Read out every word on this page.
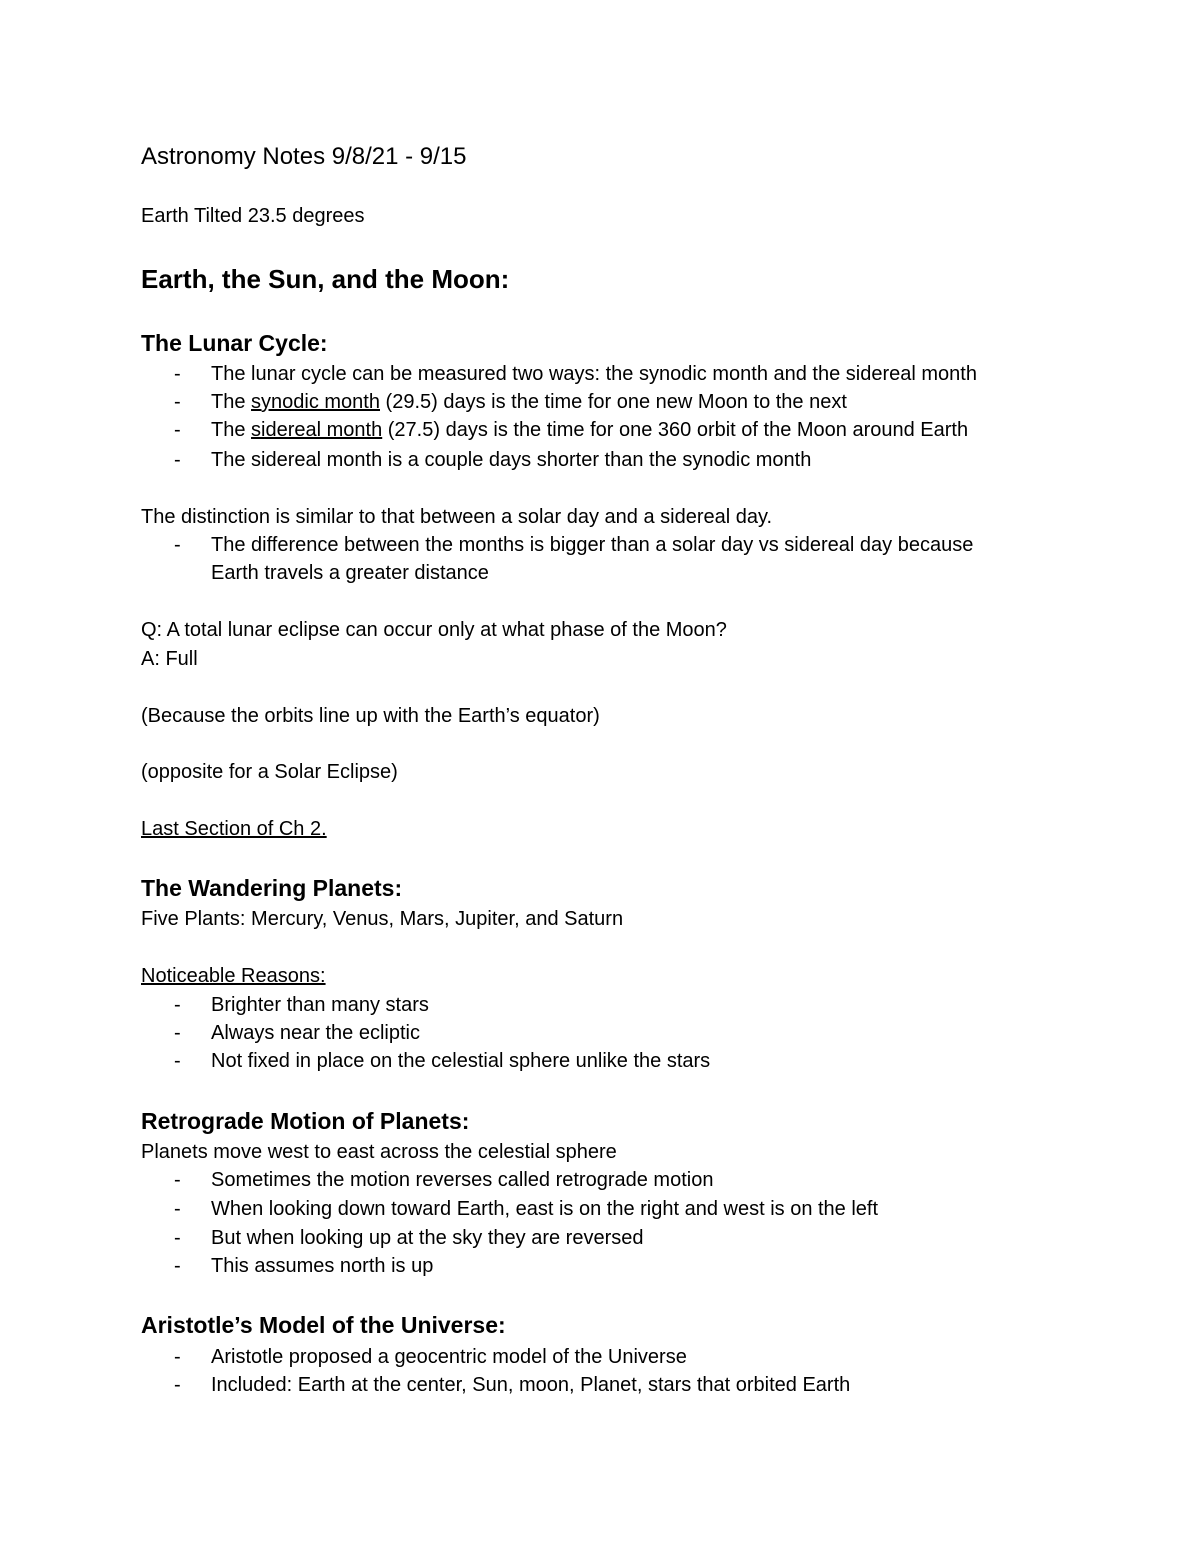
Astronomy Notes 9/8/21 - 9/15
Earth Tilted 23.5 degrees
Earth, the Sun, and the Moon:
The Lunar Cycle:
- The lunar cycle can be measured two ways: the synodic month and the sidereal month
- The synodic month (29.5) days is the time for one new Moon to the next
- The sidereal month (27.5) days is the time for one 360 orbit of the Moon around Earth
- The sidereal month is a couple days shorter than the synodic month
The distinction is similar to that between a solar day and a sidereal day.
- The difference between the months is bigger than a solar day vs sidereal day because
Earth travels a greater distance
Q: A total lunar eclipse can occur only at what phase of the Moon?
A: Full
(Because the orbits line up with the Earth’s equator)
(opposite for a Solar Eclipse)
Last Section of Ch 2.
The Wandering Planets:
Five Plants: Mercury, Venus, Mars, Jupiter, and Saturn
Noticeable Reasons:
- Brighter than many stars
- Always near the ecliptic
- Not fixed in place on the celestial sphere unlike the stars
Retrograde Motion of Planets:
Planets move west to east across the celestial sphere
- Sometimes the motion reverses called retrograde motion
- When looking down toward Earth, east is on the right and west is on the left
- But when looking up at the sky they are reversed
- This assumes north is up
Aristotle’s Model of the Universe:
- Aristotle proposed a geocentric model of the Universe
- Included: Earth at the center, Sun, moon, Planet, stars that orbited Earth
